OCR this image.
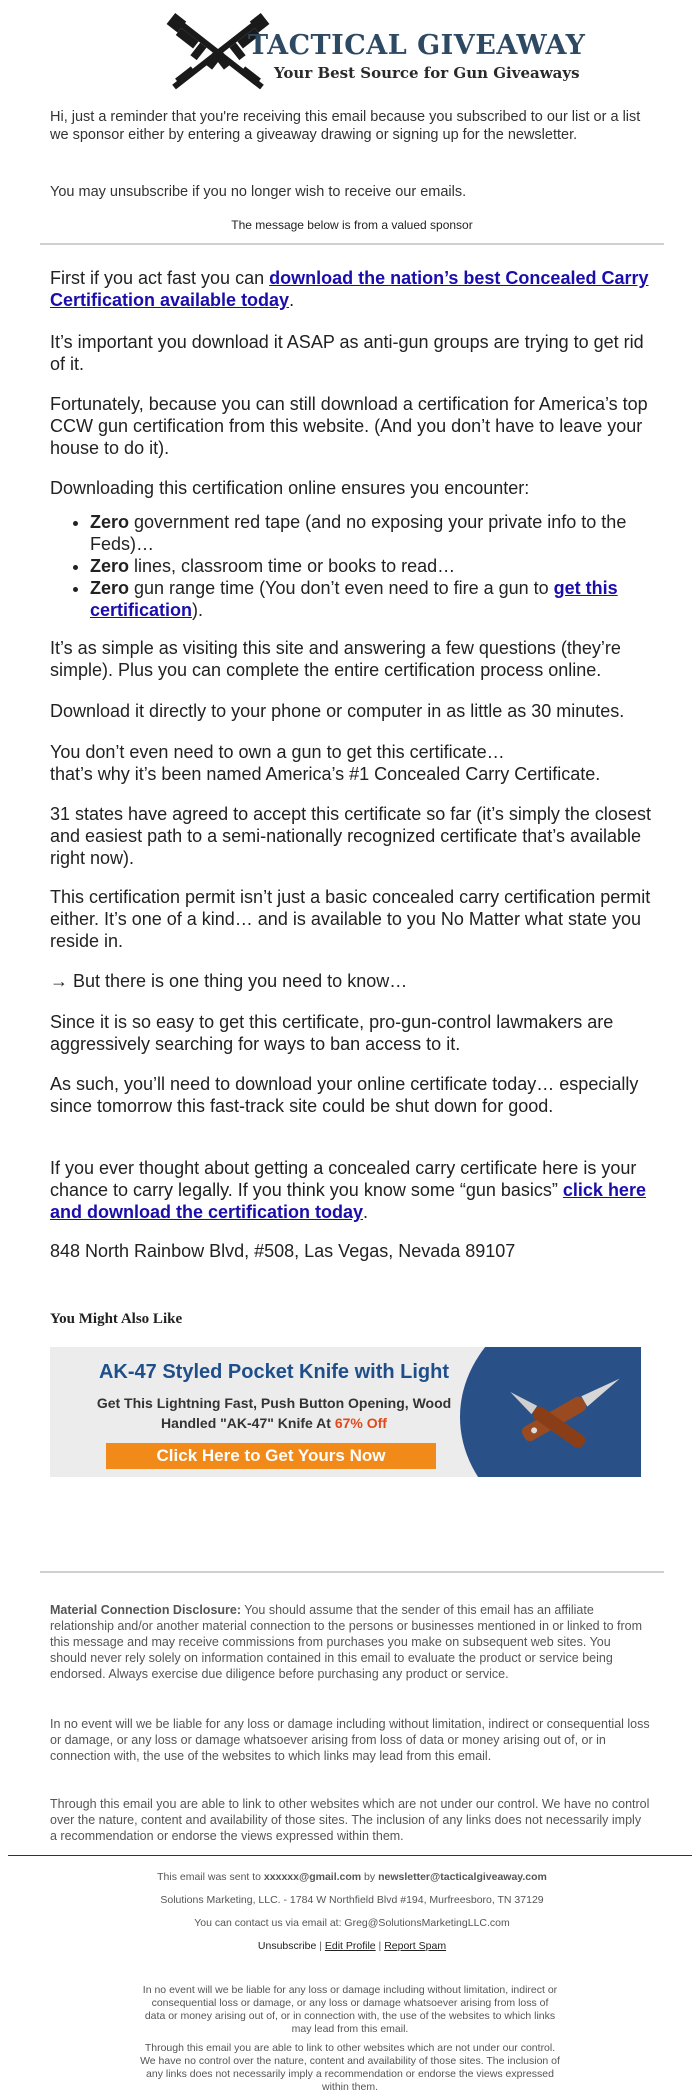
TACTICAL GIVEAWAY
Your Best Source for Gun Giveaways
Hi, just a reminder that you're receiving this email because you subscribed to our list or a list we sponsor either by entering a giveaway drawing or signing up for the newsletter.
You may unsubscribe if you no longer wish to receive our emails.
The message below is from a valued sponsor
First if you act fast you can download the nation’s best Concealed Carry Certification available today.
It’s important you download it ASAP as anti-gun groups are trying to get rid of it.
Fortunately, because you can still download a certification for America’s top CCW gun certification from this website. (And you don’t have to leave your house to do it).
Downloading this certification online ensures you encounter:
• Zero government red tape (and no exposing your private info to the Feds)…
• Zero lines, classroom time or books to read…
• Zero gun range time (You don’t even need to fire a gun to get this certification).
It’s as simple as visiting this site and answering a few questions (they’re simple). Plus you can complete the entire certification process online.
Download it directly to your phone or computer in as little as 30 minutes.
You don’t even need to own a gun to get this certificate…
that’s why it’s been named America’s #1 Concealed Carry Certificate.
31 states have agreed to accept this certificate so far (it’s simply the closest and easiest path to a semi-nationally recognized certificate that’s available right now).
This certification permit isn’t just a basic concealed carry certification permit either. It’s one of a kind… and is available to you No Matter what state you reside in.
→ But there is one thing you need to know…
Since it is so easy to get this certificate, pro-gun-control lawmakers are aggressively searching for ways to ban access to it.
As such, you’ll need to download your online certificate today… especially since tomorrow this fast-track site could be shut down for good.
If you ever thought about getting a concealed carry certificate here is your chance to carry legally. If you think you know some “gun basics” click here and download the certification today.
848 North Rainbow Blvd, #508, Las Vegas, Nevada 89107
You Might Also Like
AK-47 Styled Pocket Knife with Light
Get This Lightning Fast, Push Button Opening, Wood
Handled "AK-47" Knife At 67% Off
Click Here to Get Yours Now
Material Connection Disclosure: You should assume that the sender of this email has an affiliate relationship and/or another material connection to the persons or businesses mentioned in or linked to from this message and may receive commissions from purchases you make on subsequent web sites. You should never rely solely on information contained in this email to evaluate the product or service being endorsed. Always exercise due diligence before purchasing any product or service.
In no event will we be liable for any loss or damage including without limitation, indirect or consequential loss or damage, or any loss or damage whatsoever arising from loss of data or money arising out of, or in connection with, the use of the websites to which links may lead from this email.
Through this email you are able to link to other websites which are not under our control. We have no control over the nature, content and availability of those sites. The inclusion of any links does not necessarily imply a recommendation or endorse the views expressed within them.
This email was sent to xxxxxx@gmail.com by newsletter@tacticalgiveaway.com
Solutions Marketing, LLC. - 1784 W Northfield Blvd #194, Murfreesboro, TN 37129
You can contact us via email at: Greg@SolutionsMarketingLLC.com
Unsubscribe | Edit Profile | Report Spam
In no event will we be liable for any loss or damage including without limitation, indirect or consequential loss or damage, or any loss or damage whatsoever arising from loss of data or money arising out of, or in connection with, the use of the websites to which links may lead from this email.
Through this email you are able to link to other websites which are not under our control. We have no control over the nature, content and availability of those sites. The inclusion of any links does not necessarily imply a recommendation or endorse the views expressed within them.
